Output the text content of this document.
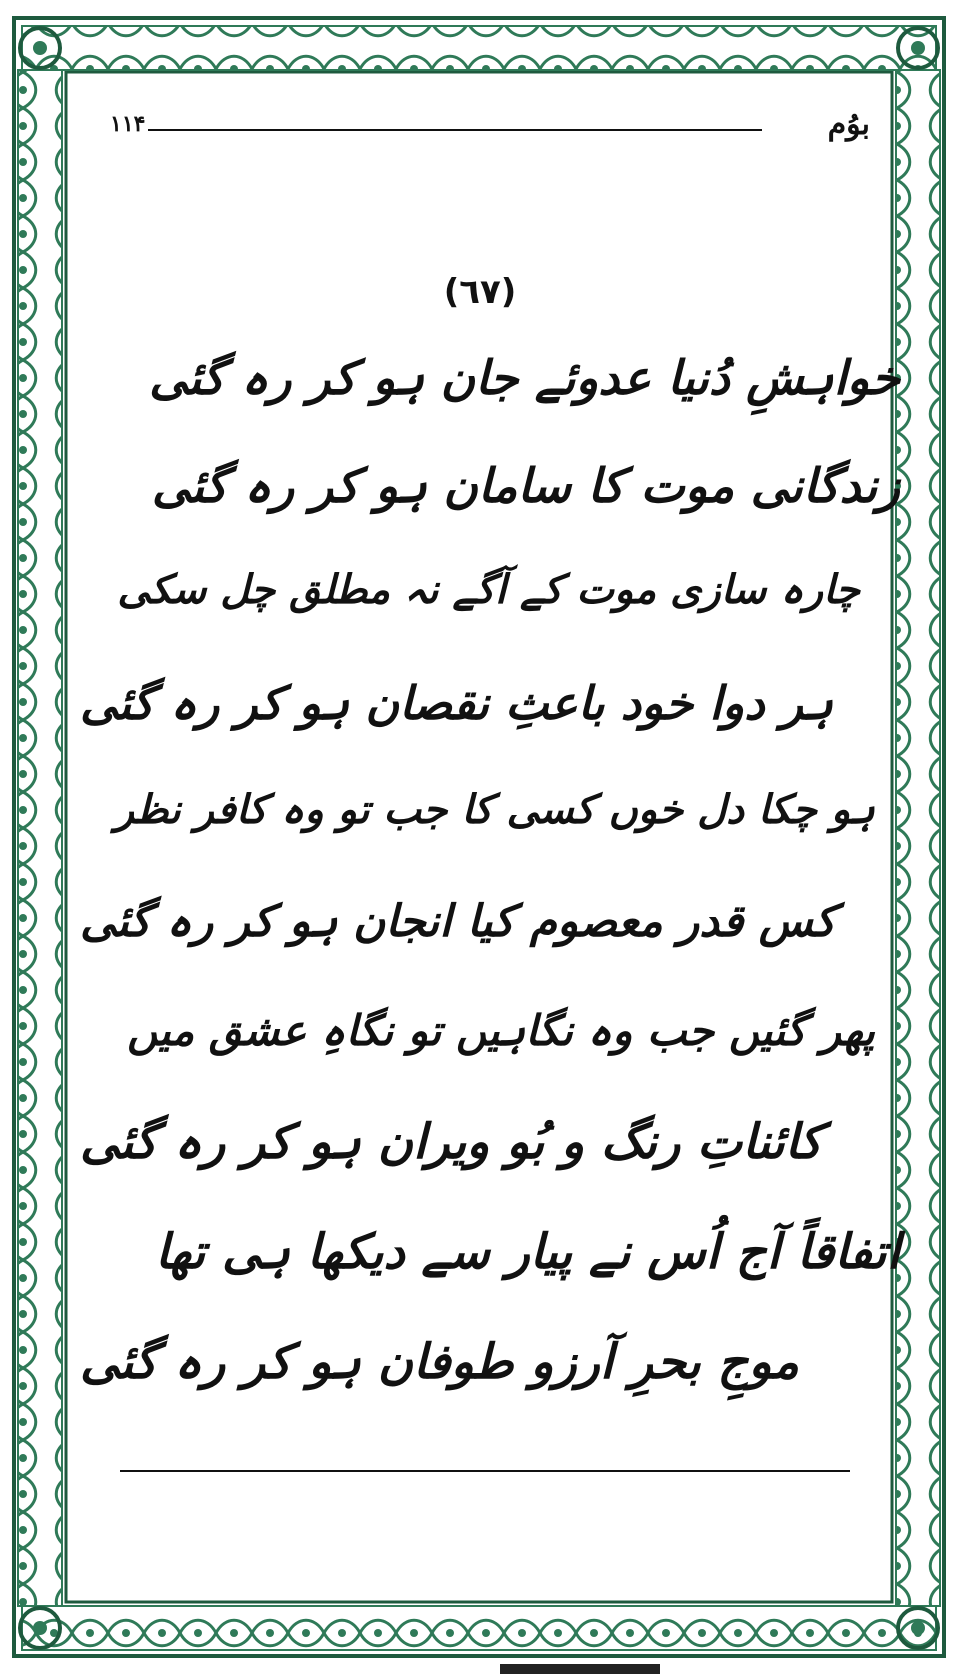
بوُم
۱۱۴
(٦٧)
خواہشِ دُنیا عدوئے جان ہو کر رہ گئی
زندگانی موت کا سامان ہو کر رہ گئی
چارہ سازی موت کے آگے نہ مطلق چل سکی
ہر دوا خود باعثِ نقصان ہو کر رہ گئی
ہو چکا دل خوں کسی کا جب تو وہ کافر نظر
کس قدر معصوم کیا انجان ہو کر رہ گئی
پھر گئیں جب وہ نگاہیں تو نگاہِ عشق میں
کائناتِ رنگ و بُو ویران ہو کر رہ گئی
اتفاقاً آج اُس نے پیار سے دیکھا ہی تھا
موجِ بحرِ آرزو طوفان ہو کر رہ گئی
